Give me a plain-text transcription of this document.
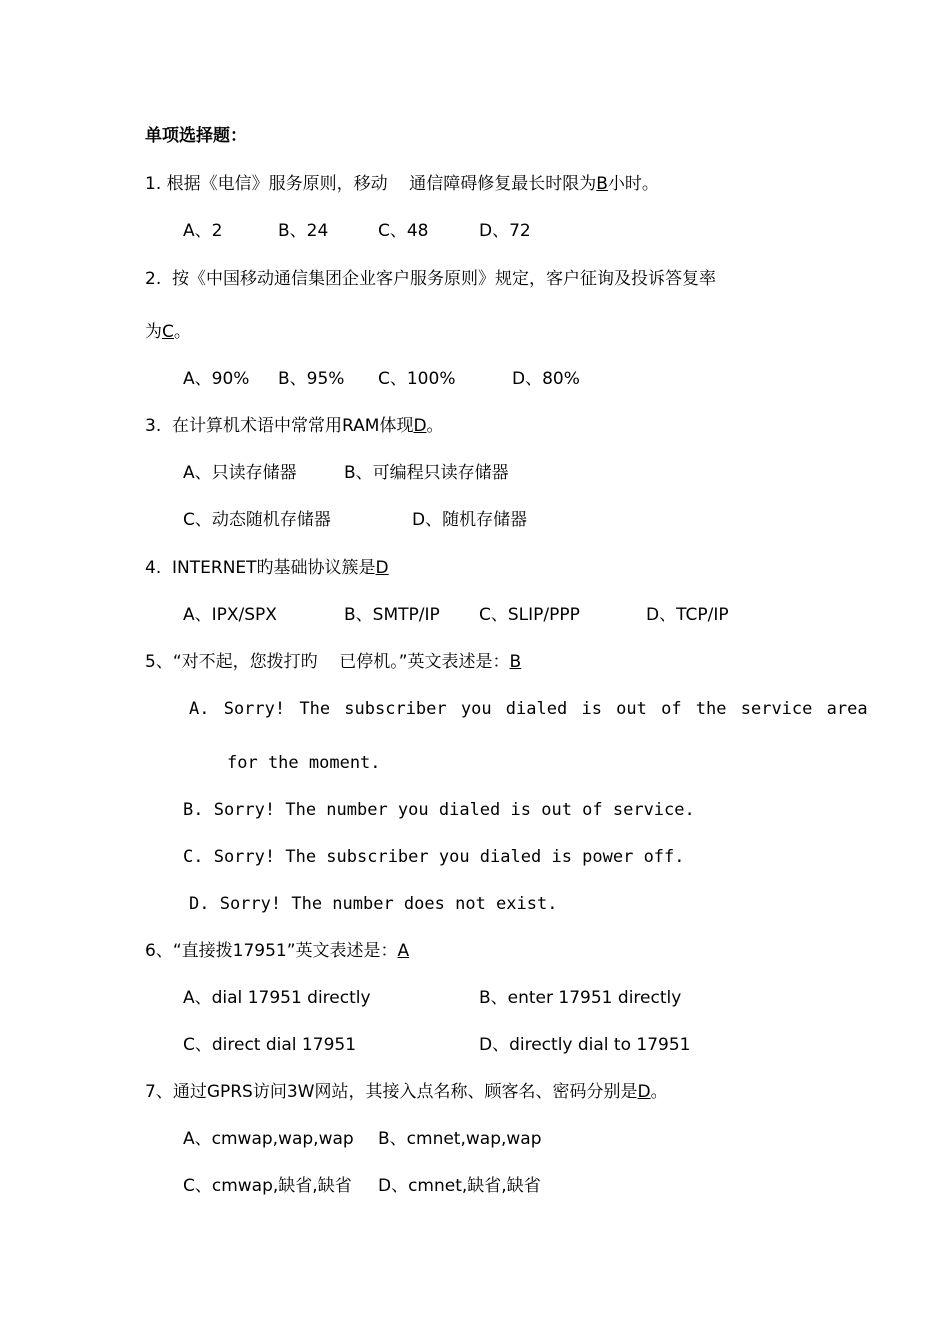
单项选择题：
1. 根据《电信》服务原则，移动    通信障碍修复最长时限为B小时。
A、2	B、24	C、48	D、72
2.  按《中国移动通信集团企业客户服务原则》规定，客户征询及投诉答复率
为C。
A、90% B、95% C、100%	D、80%
3.  在计算机术语中常常用RAM体现D。
A、只读存储器	B、可编程只读存储器
C、动态随机存储器	D、随机存储器
4.  INTERNET旳基础协议簇是D
A、IPX/SPX	B、SMTP/IP C、SLIP/PPP	D、TCP/IP
5、“对不起，您拨打旳    已停机。”英文表述是：B
A. Sorry! The subscriber you dialed is out of the service area
for the moment.
B. Sorry! The number you dialed is out of service.
C. Sorry! The subscriber you dialed is power off.
D. Sorry! The number does not exist.
6、“直接拨17951”英文表述是：A
A、dial 17951 directly	B、enter 17951 directly
C、direct dial 17951	D、directly dial to 17951
7、通过GPRS访问3W网站，其接入点名称、顾客名、密码分别是D。
A、cmwap,wap,wap B、cmnet,wap,wap
C、cmwap,缺省,缺省 D、cmnet,缺省,缺省
